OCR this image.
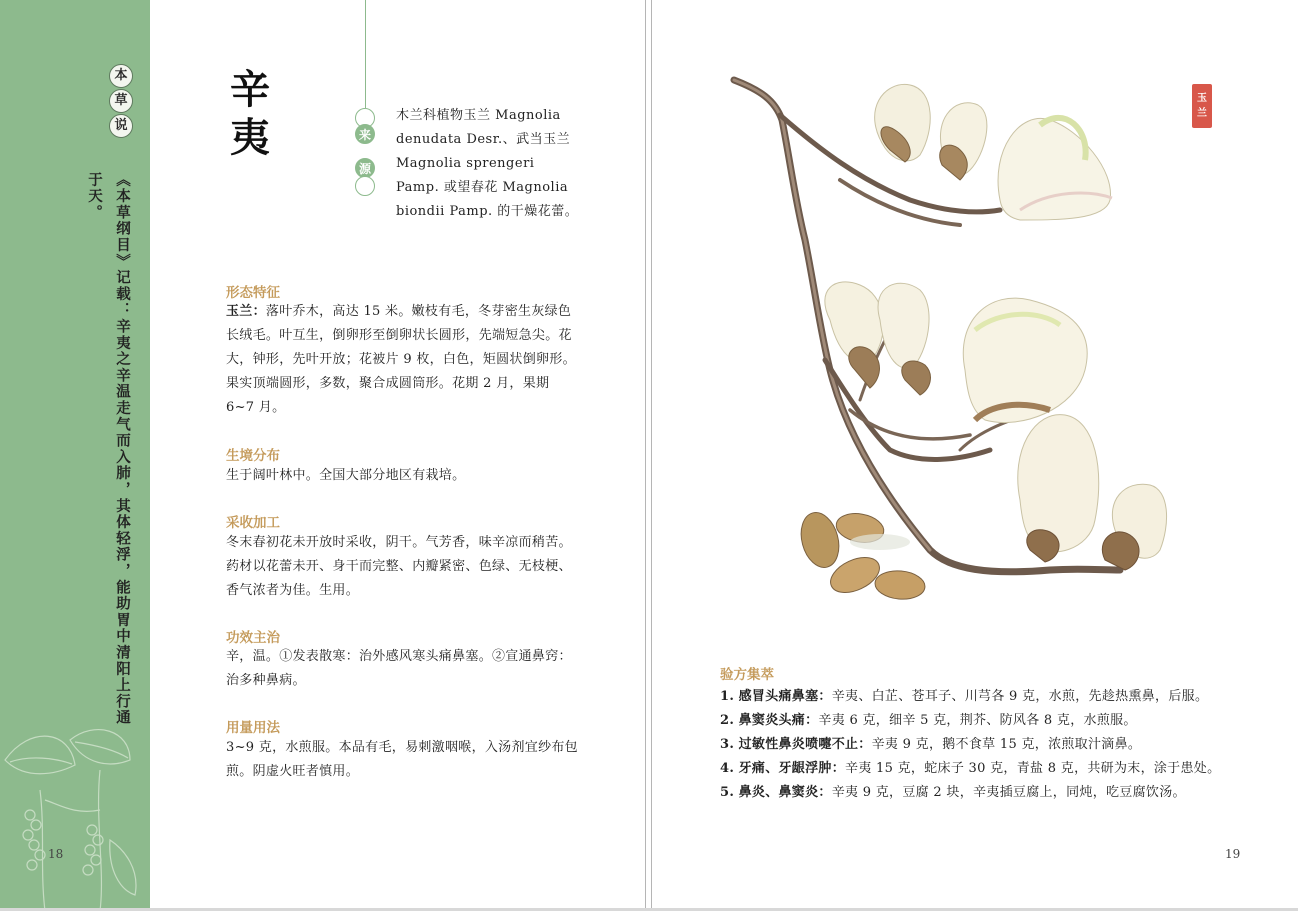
本
草
说
《本草纲目》记载：辛夷之辛温走气而入肺，其体轻浮，能助胃中清阳上行通于天。
辛
夷	来
源
木兰科植物玉兰 Magnolia denudata Desr.、武当玉兰 Magnolia sprengeri Pamp. 或望春花 Magnolia biondii Pamp. 的干燥花蕾。
形态特征
玉兰：落叶乔木，高达 15 米。嫩枝有毛，冬芽密生灰绿色长绒毛。叶互生，倒卵形至倒卵状长圆形，先端短急尖。花大，钟形，先叶开放；花被片 9 枚，白色，矩圆状倒卵形。果实顶端圆形，多数，聚合成圆筒形。花期 2 月，果期 6~7 月。
生境分布
生于阔叶林中。全国大部分地区有栽培。
采收加工
冬末春初花未开放时采收，阴干。气芳香，味辛凉而稍苦。药材以花蕾未开、身干而完整、内瓣紧密、色绿、无枝梗、香气浓者为佳。生用。
功效主治
辛，温。①发表散寒：治外感风寒头痛鼻塞。②宣通鼻窍：治多种鼻病。
用量用法
3~9 克，水煎服。本品有毛，易刺激咽喉，入汤剂宜纱布包煎。阴虚火旺者慎用。
18
玉
兰
验方集萃
1. 感冒头痛鼻塞：辛夷、白芷、苍耳子、川芎各 9 克，水煎，先趁热熏鼻，后服。
2. 鼻窦炎头痛：辛夷 6 克，细辛 5 克，荆芥、防风各 8 克，水煎服。
3. 过敏性鼻炎喷嚏不止：辛夷 9 克，鹅不食草 15 克，浓煎取汁滴鼻。
4. 牙痛、牙龈浮肿：辛夷 15 克，蛇床子 30 克，青盐 8 克，共研为末，涂于患处。
5. 鼻炎、鼻窦炎：辛夷 9 克，豆腐 2 块，辛夷插豆腐上，同炖，吃豆腐饮汤。
19
